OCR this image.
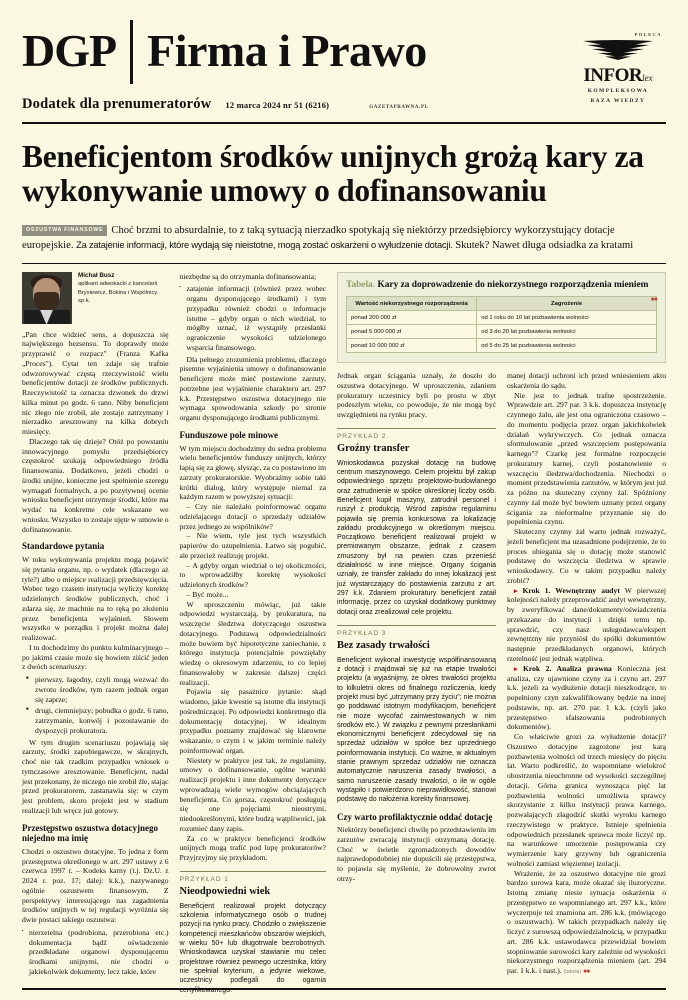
DGP Firma i Prawo
Dodatek dla prenumeratorów 12 marca 2024 nr 51 (6216)	GAZETAPRAWNA.PL
POLECA
INFORlex
KOMPLEKSOWA
BAZA WIEDZY
Beneficjentom środków unijnych grożą kary za wykonywanie umowy o dofinansowaniu
OSZUSTWA FINANSOWE Choć brzmi to absurdalnie, to z taką sytuacją nierzadko spotykają się niektórzy przedsiębiorcy wykorzystujący dotacje europejskie. Za zatajenie informacji, które wydają się nieistotne, mogą zostać oskarżeni o wyłudzenie dotacji. Skutek? Nawet długa odsiadka za kratami
Michał Busz
aplikant adwokacki z kancelarii
Brysiewicz, Bokina i Wspólnicy sp.k.

„Pan chce widzieć sens, a dopuszcza się największego bezsensu. To doprawdy może przyprawić o rozpacz" (Franza Kafka „Proces"). Cytat ten zdaje się trafnie odwzorowywać częstą rzeczywistość wielu beneficjentów dotacji ze środków publicznych. Rzeczywistość ta oznacza dzwonek do drzwi kilka minut po godz. 6 rano. Niby beneficjent nic złego nie zrobił, ale zostaje zatrzymany i nierzadko aresztowany na kilka dobrych miesięcy.

Dlaczego tak się dzieje? Otóż po powstaniu innowacyjnego pomysłu przedsiębiorcy częstokroć szukają odpowiedniego źródła finansowania. Dodatkowo, jeżeli chodzi o środki unijne, konieczne jest spełnienie szeregu wymagań formalnych, a po pozytywnej ocenie wniosku beneficjent otrzymuje środki, które ma wydać na konkretne cele wskazane we wniosku. Wszystko to zostaje ujęte w umowie o dofinansowanie.

Standardowe pytania

W toku wykonywania projektu mogą pojawić się pytania organu, np. o wydatek (dlaczego aż tyle?) albo o miejsce realizacji przedsięwzięcia. Wobec tego czasem instytucja wyliczy korektę udzielonych środków publicznych, choć i zdarza się, że machnie na to ręką po złożeniu przez beneficjenta wyjaśnień. Słowem wszystko w porządku i projekt można dalej realizować.

I tu dochodzimy do punktu kulminacyjnego – po jakimś czasie może się bowiem ziścić jeden z dwóch scenariuszy:

■ pierwszy, łagodny, czyli mogą wezwać do zwrotu środków, tym razem jednak organ się zaprze;
■ drugi, ciemniejszy; pobudka o godz. 6 rano, zatrzymanie, konwój i pozostawanie do dyspozycji prokuratora.

W tym drugim scenariuszu pojawiają się zarzuty, środki zapobiegawcze, w skrajnych, choć nie tak rzadkim przypadku wniosek o tymczasowe aresztowanie. Beneficjent, nadal jest przekonany, że niczego nie zrobił źle, stając przed prokuratorem, zastanawia się: w czym jest problem, skoro projekt jest w stadium realizacji lub wręcz już gotowy.

Przestępstwo oszustwa dotacyjnego niejedno ma imię

Chodzi o oszustwo dotacyjne. To jedna z form przestępstwa określonego w art. 297 ustawy z 6 czerwca 1997 r. – Kodeks karny (t.j. Dz.U. z 2024 r. poz. 17; dalej: k.k.), nazywanego ogólnie oszustwem finansowym. Z perspektywy interesującego nas zagadnienia środków unijnych w tej regulacji wyróżnia się dwie postaci takiego oszustwa:

▪ nierzetelna (podrobiona, przerobiona etc.) dokumentacja bądź oświadczenie przedkładane organowi dysponującemu środkami unijnymi, nie chodzi o jakiekolwiek dokumenty, lecz takie, które

niezbędne są do otrzymania dofinansowania;

▪ zatajenie informacji (również przez wobec organu dysponującego środkami) i tym przypadku również chodzi o informacje istotne – gdyby organ o nich wiedział, to mógłby uznać, iż wystąpiły przesłanki ograniczenie wysokości udzielonego wsparcia finansowego.

Dla pełnego zrozumienia problemu, dlaczego pisemne wyjaśnienia umowy o dofinansowanie beneficjent może mieć postawione zarzuty, potrzebne jest wyjaśnienie charakteru art. 297 k.k. Przestępstwo oszustwa dotacyjnego nie wymaga spowodowania szkody po stronie organu dysponującego środkami publicznymi.

Funduszowe pole minowe

W tym miejscu dochodzimy do sedna problemu wielu beneficjentów funduszy unijnych, którzy łapią się za głowę, słysząc, za co postawiono im zarzuty prokuratorskie. Wyobraźmy sobie taki krótki dialog, który występuje niemal za każdym razem w powyższej sytuacji:

– Czy nie należało poinformować organu udzielającego dotacji o sprzedaży udziałów przez jednego ze wspólników?

– Nie wiem, tyle jest tych wszystkich papierów do uzupełnienia. Łatwo się pogubić, ale przecież realizuję projekt.

– A gdyby organ wiedział o tej okoliczności, to wprowadziłby korektę wysokości udzielonych środków?

– Być może...

W uproszczeniu mówiąc, już takie odpowiedzi wystarczają, by prokuratura, na wszczęcie śledztwa dotyczącego oszustwa dotacyjnego. Podstawą odpowiedzialności może bowiem być hipotetyczne zaniechanie, z którego instytucja potencjalnie powzięłaby wiedzę o okresowym zdarzeniu, to co lepiej finansowałoby w zakresie dalszej części realizacji.

Pojawia się pasażnice pytanie: skąd wiadomo, jakie kwestie są istotne dla instytucji pośredniczącej. Po odpowiedzi konkretnego dla dokumentację dotacyjnej. W idealnym przypadku poznamy znajdować się klarowne wskazanie, o czym i w jakim terminie należy poinformować organ.

Niestety w praktyce jest tak, że regulaminy, umowy o dofinansowanie, ogólne warunki realizacji projektu i inne dokumenty dotyczące wprowadzają wiele wymogów obciążających beneficjenta. Co gorsza, częstokroć posługują się one pojęciami nieostrymi, niedookreślonymi, które budzą wątpliwości, jak rozumieć dany zapis.

Za co w praktyce beneficjenci środków unijnych mogą trafić pod lupę prokuratorów? Przyjrzyjmy się przykładom.

PRZYKŁAD 1
Nieodpowiedni wiek

Beneficjent realizował projekt dotyczący szkolenia informatycznego osób o trudnej pozycji na rynku pracy. Chodziło o zwiększenie kompetencji mieszkańców obszarów wiejskich, w wieku 50+ lub długotrwale bezrobotnych. Wnioskodawca uzyskał stawianie mu celec projektowe również pewnego uczestnika, który nie spełniał kryterium, a jedynie wiekowe, uczestnicy podlegali do ogarnia certyfikowanego.

Tabela. Kary za doprowadzenie do niekorzystnego rozporządzenia mieniem
●●
Wartość niekorzystnego rozporządzenia	Zagrożenie
ponad 200 000 zł	od 1 roku do 10 lat pozbawienia wolności
ponad 5 000 000 zł	od 3 do 20 lat pozbawienia wolności
ponad 10 000 000 zł	od 5 do 25 lat pozbawienia wolności

Jednak organ ściągania uznały, że doszło do oszustwa dotacyjnego. W uproszczeniu, zdaniem prokuratury uczestnicy byli po prostu w zbyt podeszłym wieku, co powoduje, że nie mogą być uwzględnieni na rynku pracy.

PRZYKŁAD 2
Groźny transfer

Wnioskodawca pozyskał dotację na budowę centrum maszynowego. Celem projektu był zakup odpowiedniego sprzętu projektowo-budowlanego oraz zatrudnienie w spółce określonej liczby osób. Beneficjent kupił maszyny, zatrudnił personel i ruszył z produkcją. Wśród zapisów regulaminu pojawiła się premia konkursowa za lokalizację zakładu produkcyjnego w określonym miejscu. Początkowo beneficjent realizował projekt w premiowanym obszarze, jednak z czasem zmuszony był na pewien czas przenieść działalność w inne miejsce. Organy ścigania uznały, że transfer zakładu do innej lokalizacji jest już wystarczający do postawienia zarzutu z art. 297 k.k. Zdaniem prokuratury beneficjent zataił informację, przez co uzyskał dodatkowy punktowy dotacji oraz zrealizował cele projektu.

PRZYKŁAD 3
Bez zasady trwałości

Beneficjent wykonał inwestycję współfinansowaną z dotacji i znajdował się już na etapie trwałości projektu (a wyjaśnijmy, że okres trwałości projektu to kilkuletni okres od finalnego rozliczenia, kiedy projekt musi być „utrzymany przy życiu"; nie można go poddawać istotnym modyfikacjom, beneficjent nie może wycofać zainwestowanych w nim środków etc.). W związku z pewnymi przesłankami ekonomicznymi beneficjent zdecydował się na sprzedaż udziałów w spółce bez uprzedniego poinformowania instytucji. Co ważne, w aktualnym stanie prawnym sprzedaż udziałów nie oznacza automatycznie naruszenia zasady trwałości, a samo naruszenie zasady trwałości, o ile w ogóle wystąpiło i potwierdzono nieprawidłowość, stanowi podstawę do nałożenia korekty finansowej.

Czy warto profilaktycznie oddać dotację

Niektórzy beneficjenci chwilę po przedstawieniu im zarzutów zwracają instytucji otrzymaną dotację. Choć w świetle zgromadzonych dowodów najprawdopodobniej nie dopuścili się przestępstwa, to pojawia się myślenie, że dobrowolny zwrot otrzy-

manej dotacji uchroni ich przed wniesieniem aktu oskarżenia do sądu.

Nie jest to jednak trafne spostrzeżenie. Wprawdzie art. 297 par. 3 k.k. dopuszcza instytucję czynnego żalu, ale jest ona ograniczona czasowo – do momentu podjęcia przez organ jakichkolwiek działań wykrywczych. Co jednak oznacza sformułowanie „przed wszczęciem postępowania karnego"? Czarkę jest formalne rozpoczęcie prokuratury karnej, czyli postanowienie o wszczęciu śledztwa/dochodzenia. Niechodzi o moment przedstawienia zarzutów, w którym jest już za późno na skuteczny czynny żal. Spóźniony czynny żal może być bowiem uznany przez organy ścigania za nieformalne przyznanie się do popełnienia czynu.

Skuteczny czynny żal warto jednak rozważyć, jeżeli beneficjent ma uzasadnione podejrzenie, że to proces ubiegania się o dotację może stanowić podstawę do wszczęcia śledztwa w sprawie wnioskodawcy. Co w takim przypadku należy zrobić?

▸ Krok 1. Wewnętrzny audyt W pierwszej kolejności należy przeprowadzić audyt wewnętrzny, by zweryfikować dane/dokumenty/oświadczenia przekazane do instytucji i dzięki temu np. sprawdzić, czy nasz usługodawca/ekspert zewnętrzny nie przyniósł do spółki dokumentów następnie przedkładanych organowi, których rzetelność jest jednak wątpliwa.

▸ Krok 2. Analiza prawna Konieczna jest analiza, czy ujawnione czyny za i czynu art. 297 k.k. jeżeli za wydłużenie dotacji nieszkodzące, to popełniony czyn zakwalifikowany będzie na innej podstawie, np. art. 270 par. 1 k.k. (czyli jako przestępstwo sfałszowania podrobionych dokumentów).

Co właściwie grozi za wyłudzenie dotacji? Oszustwo dotacyjne zagrożone jest karą pozbawienia wolności od trzech miesięcy do pięciu lat. Warto podkreślić, że wspomniane wielokroć obostrzenia nieuchronne od wysokości szczególnej dotacji. Górna granica wynosząca pięć lat pozbawienia wolności umożliwia sprawcy skorzystanie z kilku instytucji prawa karnego, pozwalających złagodzić skutki wyroku karnego rzeczywistego w praktyce. Istnieje spełnienia odpowiednich przesłanek sprawca może liczyć np. na warunkowe umorzenie postępowania czy wymierzenie kary grzywny lub ograniczenia wolności zamiast więziennej izolacji.

Wrażenie, że za oszustwo dotacyjne nie grozi bardzo surowa kara, może okazać się iluzoryczne. Istotną zmianę niesie sytuacja oskarżenia o przestępstwo ze wspomnianego art. 297 k.k., które wyczerpuje też znamiona art. 286 k.k. (mówiącego o oszustwach). W takich przypadkach należy się liczyć z surowszą odpowiedzialnością, w przypadku art. 286 k.k. ustawodawca przewidział bowiem stopniowanie surowości kary zależnie od wysokości niekorzystnego rozporządzenia mieniem (art. 294 par. 1 k.k. i nast.). (tabela) ●●
